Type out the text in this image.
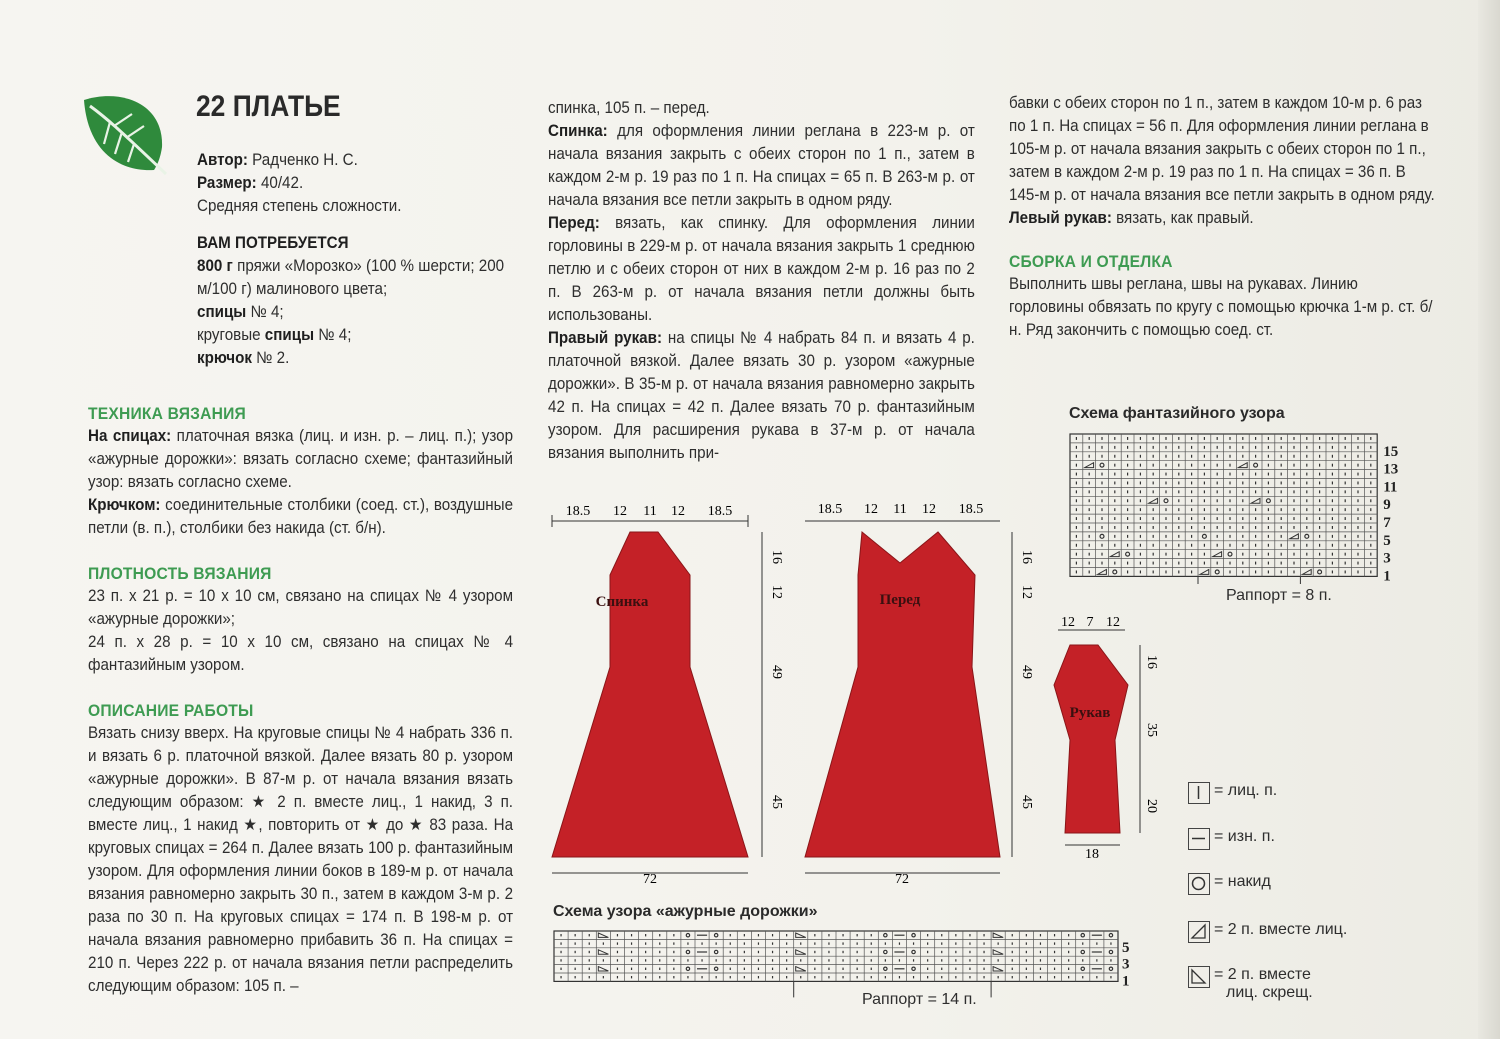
22 ПЛАТЬЕ

Автор: Радченко Н. С.

Размер: 40/42.

Средняя степень сложности.

ВАМ ПОТРЕБУЕТСЯ

800 г пряжи «Морозко» (100 % шерсти; 200 м/100 г) малинового цвета;

спицы № 4;

круговые спицы № 4;

крючок № 2.

ТЕХНИКА ВЯЗАНИЯ

На спицах: платочная вязка (лиц. и изн. р. – лиц. п.); узор «ажурные дорожки»: вязать согласно схеме; фантазийный узор: вязать согласно схеме.

Крючком: соединительные столбики (соед. ст.), воздушные петли (в. п.), столбики без накида (ст. б/н).

ПЛОТНОСТЬ ВЯЗАНИЯ

23 п. х 21 р. = 10 х 10 см, связано на спицах № 4 узором «ажурные дорожки»;

24 п. х 28 р. = 10 х 10 см, связано на спицах № 4 фантазийным узором.

ОПИСАНИЕ РАБОТЫ

Вязать снизу вверх. На круговые спицы № 4 набрать 336 п. и вязать 6 р. платочной вязкой. Далее вязать 80 р. узором «ажурные дорожки». В 87-м р. от начала вязания вязать следующим образом: ★ 2 п. вместе лиц., 1 накид, 3 п. вместе лиц., 1 накид ★, повторить от ★ до ★ 83 раза. На круговых спицах = 264 п. Далее вязать 100 р. фантазийным узором. Для оформления линии боков в 189-м р. от начала вязания равномерно закрыть 30 п., затем в каждом 3-м р. 2 раза по 30 п. На круговых спицах = 174 п. В 198-м р. от начала вязания равномерно прибавить 36 п. На спицах = 210 п. Через 222 р. от начала вязания петли распределить следующим образом: 105 п. –

спинка, 105 п. – перед.

Спинка: для оформления линии реглана в 223-м р. от начала вязания закрыть с обеих сторон по 1 п., затем в каждом 2-м р. 19 раз по 1 п. На спицах = 65 п. В 263-м р. от начала вязания все петли закрыть в одном ряду.

Перед: вязать, как спинку. Для оформления линии горловины в 229-м р. от начала вязания закрыть 1 среднюю петлю и с обеих сторон от них в каждом 2-м р. 16 раз по 2 п. В 263-м р. от начала вязания петли должны быть использованы.

Правый рукав: на спицы № 4 набрать 84 п. и вязать 4 р. платочной вязкой. Далее вязать 30 р. узором «ажурные дорожки». В 35-м р. от начала вязания равномерно закрыть 42 п. На спицах = 42 п. Далее вязать 70 р. фантазийным узором. Для расширения рукава в 37-м р. от начала вязания выполнить при-

бавки с обеих сторон по 1 п., затем в каждом 10-м р. 6 раз по 1 п. На спицах = 56 п. Для оформления линии реглана в 105-м р. от начала вязания закрыть с обеих сторон по 1 п., затем в каждом 2-м р. 19 раз по 1 п. На спицах = 36 п. В 145-м р. от начала вязания все петли закрыть в одном ряду.

Левый рукав: вязать, как правый.

СБОРКА И ОТДЕЛКА

Выполнить швы реглана, швы на рукавах. Линию горловины обвязать по кругу с помощью крючка 1-м р. ст. б/н. Ряд закончить с помощью соед. ст.

Спинка
18.5 12 11 12 18.5
16
12
49
45
72
Перед
18.5 12 11 12 18.5
16
12
49
45
72
Рукав
12 7 12
16
35
20
18
Схема фантазийного узора
15
13
11
9
7
5
3
1
Раппорт = 8 п.
Схема узора «ажурные дорожки»
5
3
1
Раппорт = 14 п.
= лиц. п.
= изн. п.
= накид
= 2 п. вместе лиц.
= 2 п. вместе
лиц. скрещ.
